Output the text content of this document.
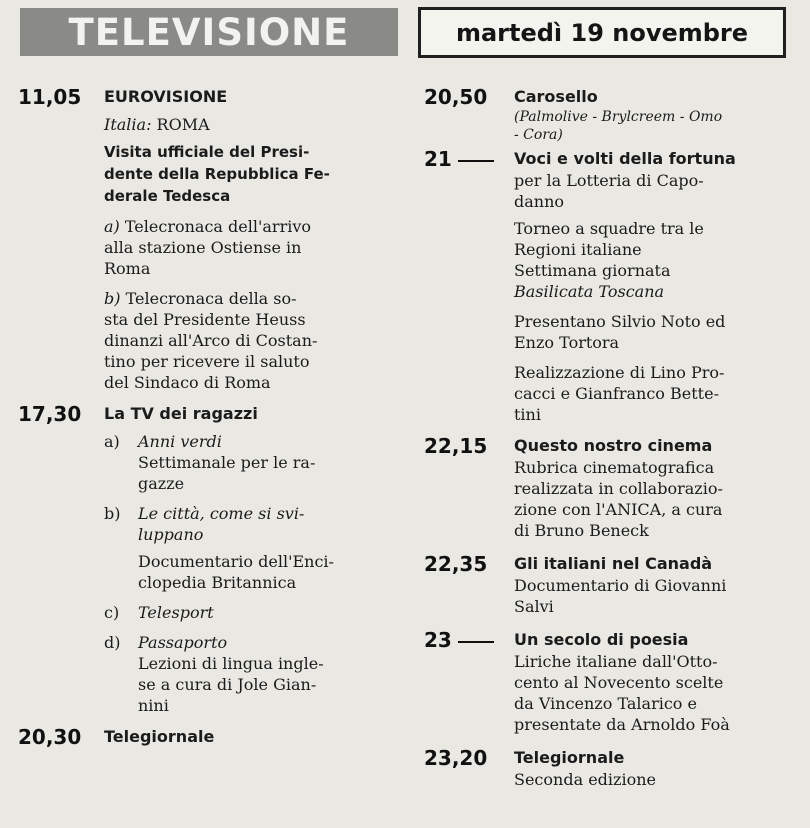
TELEVISIONE	martedì 19 novembre
11,05	EUROVISIONE

Italia: ROMA

Visita ufficiale del Presi-

dente della Repubblica Fe-

derale Tedesca

a) Telecronaca dell'arrivo

alla stazione Ostiense in

Roma

b) Telecronaca della so-

sta del Presidente Heuss

dinanzi all'Arco di Costan-

tino per ricevere il saluto

del Sindaco di Roma

17,30	La TV dei ragazzi
a)	Anni verdi

Settimanale per le ra-

gazze

b)	Le città, come si svi-

luppano

Documentario dell'Enci-

clopedia Britannica

c)	Telesport
d)	Passaporto

Lezioni di lingua ingle-

se a cura di Jole Gian-

nini

20,30	Telegiornale
20,50	Carosello

(Palmolive - Brylcreem - Omo

- Cora)

21	Voci e volti della fortuna

per la Lotteria di Capo-

danno

Torneo a squadre tra le

Regioni italiane

Settimana giornata

Basilicata Toscana

Presentano Silvio Noto ed

Enzo Tortora

Realizzazione di Lino Pro-

cacci e Gianfranco Bette-

tini

22,15	Questo nostro cinema

Rubrica cinematografica

realizzata in collaborazio-

zione con l'ANICA, a cura

di Bruno Beneck

22,35	Gli italiani nel Canadà

Documentario di Giovanni

Salvi

23	Un secolo di poesia

Liriche italiane dall'Otto-

cento al Novecento scelte

da Vincenzo Talarico e

presentate da Arnoldo Foà

23,20	Telegiornale

Seconda edizione
